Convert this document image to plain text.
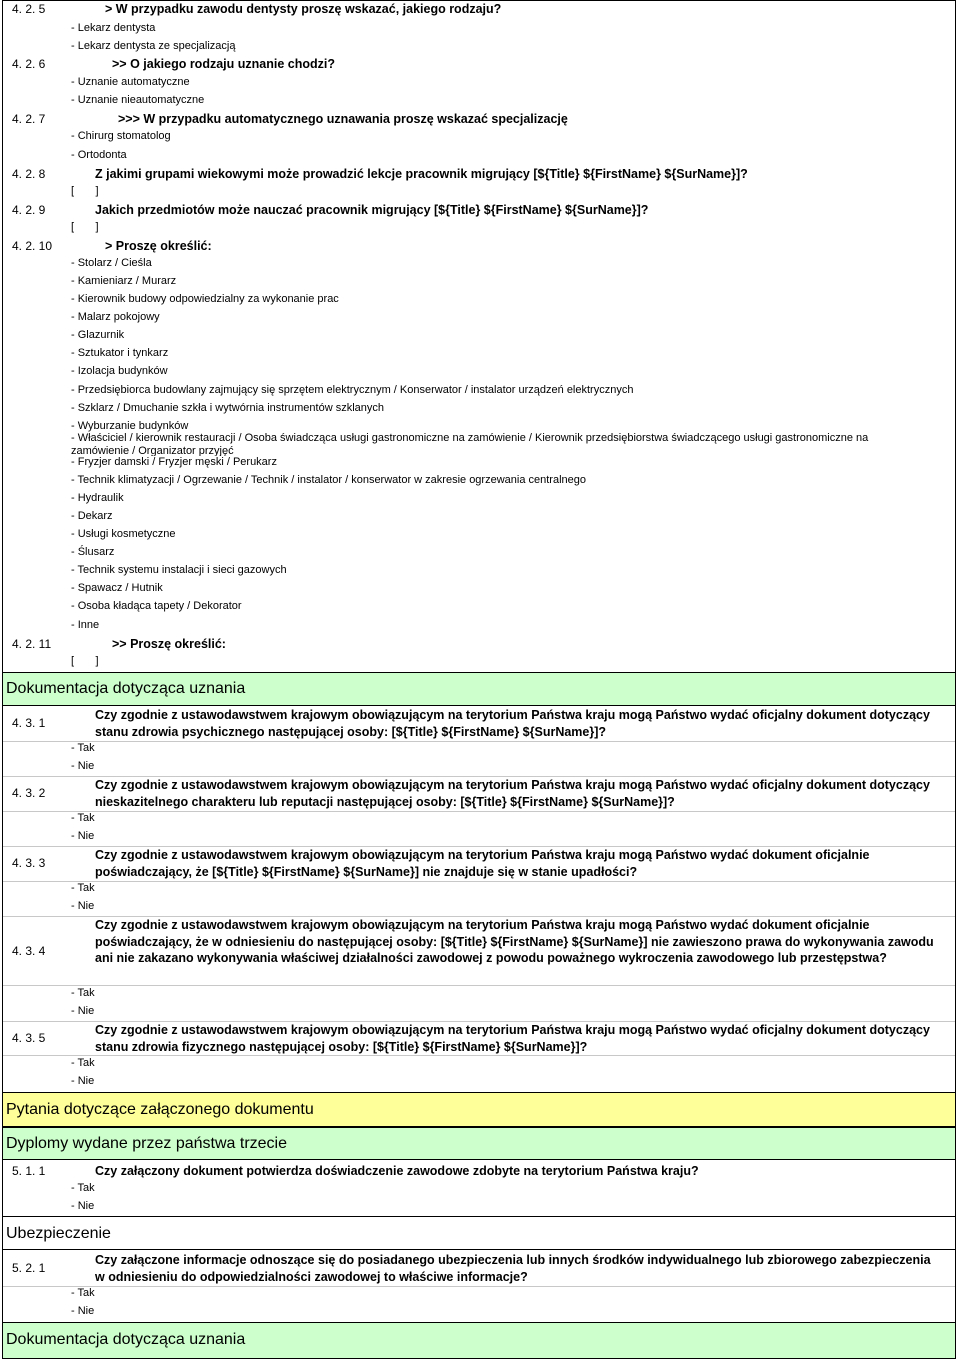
4. 2. 5	> W przypadku zawodu dentysty proszę wskazać, jakiego rodzaju?
- Lekarz dentysta
- Lekarz dentysta ze specjalizacją
4. 2. 6	>> O jakiego rodzaju uznanie chodzi?
- Uznanie automatyczne
- Uznanie nieautomatyczne
4. 2. 7	>>> W przypadku automatycznego uznawania proszę wskazać specjalizację
- Chirurg stomatolog
- Ortodonta
4. 2. 8	Z jakimi grupami wiekowymi może prowadzić lekcje pracownik migrujący [${Title} ${FirstName} ${SurName}]?
[       ]
4. 2. 9	Jakich przedmiotów może nauczać pracownik migrujący [${Title} ${FirstName} ${SurName}]?
[       ]
4. 2. 10	> Proszę określić:
- Stolarz / Cieśla
- Kamieniarz / Murarz
- Kierownik budowy odpowiedzialny za wykonanie prac
- Malarz pokojowy
- Glazurnik
- Sztukator i tynkarz
- Izolacja budynków
- Przedsiębiorca budowlany zajmujący się sprzętem elektrycznym / Konserwator / instalator urządzeń elektrycznych
- Szklarz / Dmuchanie szkła i wytwórnia instrumentów szklanych
- Wyburzanie budynków
- Właściciel / kierownik restauracji / Osoba świadcząca usługi gastronomiczne na zamówienie / Kierownik przedsiębiorstwa świadczącego usługi gastronomiczne na zamówienie / Organizator przyjęć
- Fryzjer damski / Fryzjer męski / Perukarz
- Technik klimatyzacji / Ogrzewanie / Technik / instalator / konserwator w zakresie ogrzewania centralnego
- Hydraulik
- Dekarz
- Usługi kosmetyczne
- Ślusarz
- Technik systemu instalacji i sieci gazowych
- Spawacz / Hutnik
- Osoba kładąca tapety / Dekorator
- Inne
4. 2. 11	>> Proszę określić:
[       ]
Dokumentacja dotycząca uznania
4. 3. 1
Czy zgodnie z ustawodawstwem krajowym obowiązującym na terytorium Państwa kraju mogą Państwo wydać oficjalny dokument dotyczący stanu zdrowia psychicznego następującej osoby: [${Title} ${FirstName} ${SurName}]?
- Tak
- Nie
4. 3. 2
Czy zgodnie z ustawodawstwem krajowym obowiązującym na terytorium Państwa kraju mogą Państwo wydać oficjalny dokument dotyczący nieskazitelnego charakteru lub reputacji następującej osoby: [${Title} ${FirstName} ${SurName}]?
- Tak
- Nie
4. 3. 3
Czy zgodnie z ustawodawstwem krajowym obowiązującym na terytorium Państwa kraju mogą Państwo wydać dokument oficjalnie poświadczający, że [${Title} ${FirstName} ${SurName}] nie znajduje się w stanie upadłości?
- Tak
- Nie
4. 3. 4
Czy zgodnie z ustawodawstwem krajowym obowiązującym na terytorium Państwa kraju mogą Państwo wydać dokument oficjalnie poświadczający, że w odniesieniu do następującej osoby: [${Title} ${FirstName} ${SurName}] nie zawieszono prawa do wykonywania zawodu ani nie zakazano wykonywania właściwej działalności zawodowej z powodu poważnego wykroczenia zawodowego lub przestępstwa?
- Tak
- Nie
4. 3. 5
Czy zgodnie z ustawodawstwem krajowym obowiązującym na terytorium Państwa kraju mogą Państwo wydać oficjalny dokument dotyczący stanu zdrowia fizycznego następującej osoby: [${Title} ${FirstName} ${SurName}]?
- Tak
- Nie
Pytania dotyczące załączonego dokumentu
Dyplomy wydane przez państwa trzecie
5. 1. 1	Czy załączony dokument potwierdza doświadczenie zawodowe zdobyte na terytorium Państwa kraju?
- Tak
- Nie
Ubezpieczenie
5. 2. 1
Czy załączone informacje odnoszące się do posiadanego ubezpieczenia lub innych środków indywidualnego lub zbiorowego zabezpieczenia w odniesieniu do odpowiedzialności zawodowej to właściwe informacje?
- Tak
- Nie
Dokumentacja dotycząca uznania
